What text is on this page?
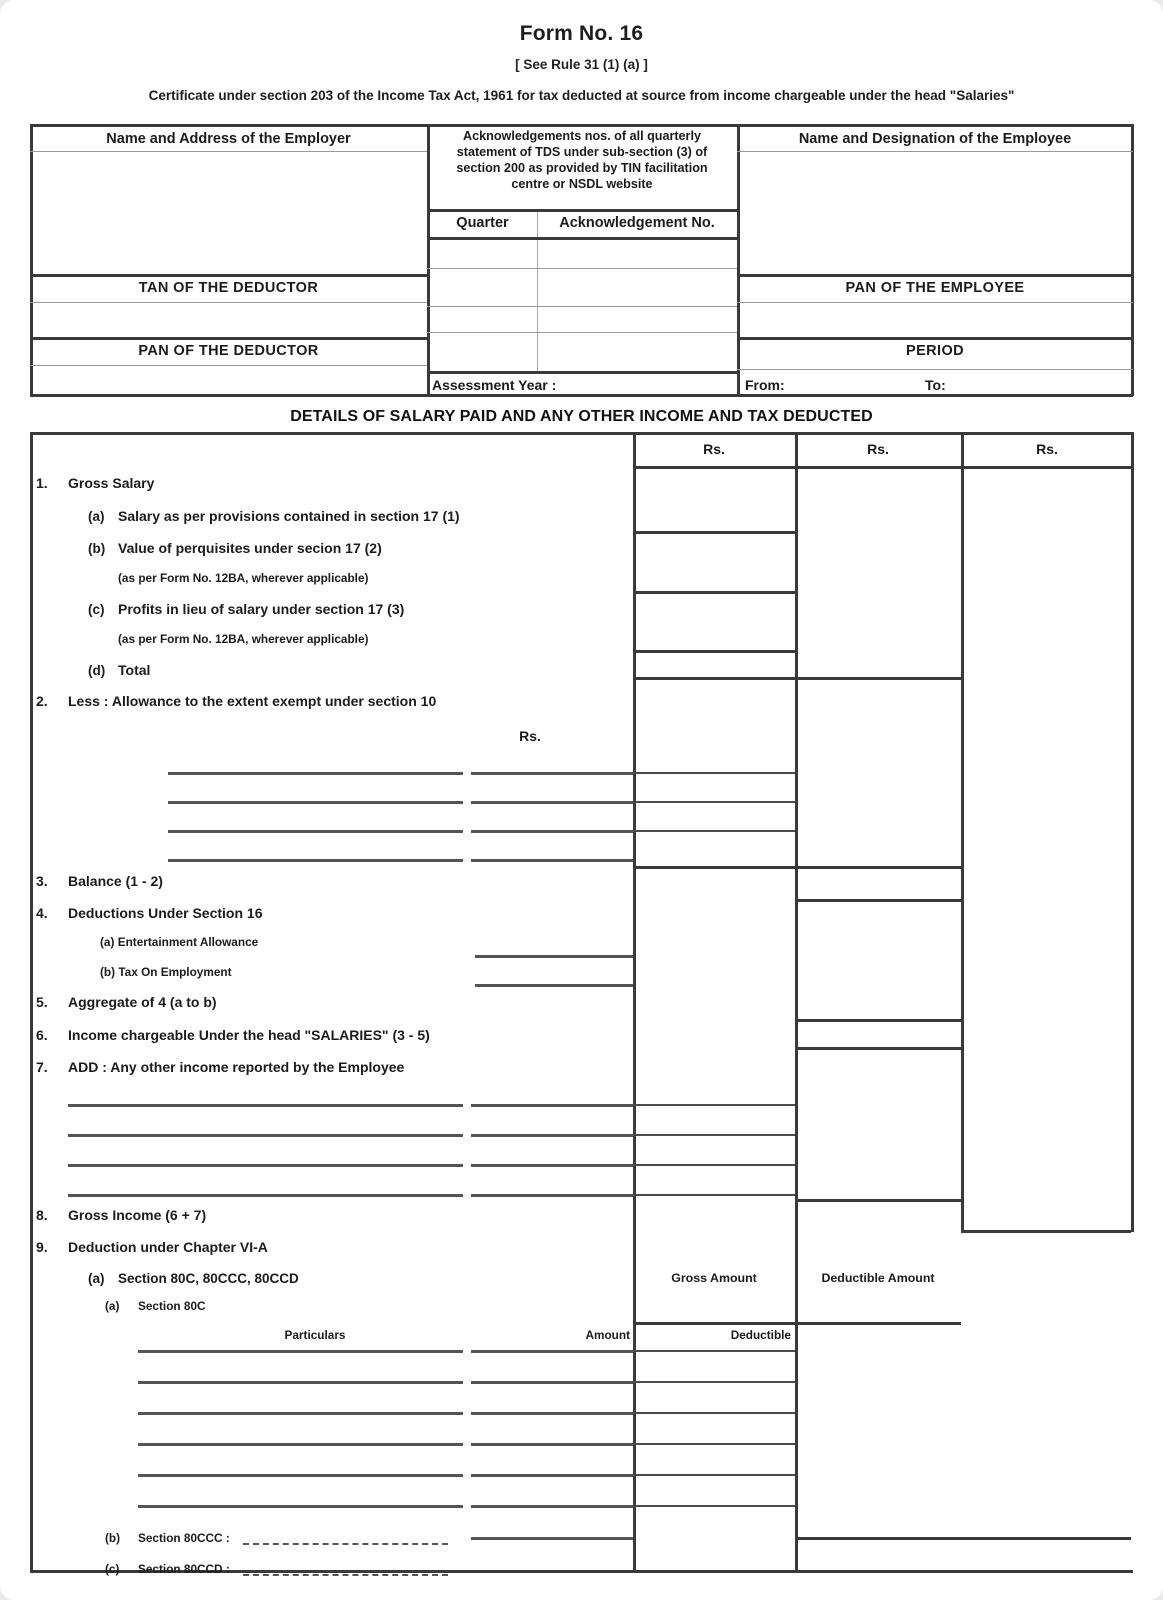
Form No. 16
[ See Rule 31 (1) (a) ]
Certificate under section 203 of the Income Tax Act, 1961 for tax deducted at source from income chargeable under the head "Salaries"
DETAILS OF SALARY PAID AND ANY OTHER INCOME AND TAX DEDUCTED
Name and Address of the Employer
TAN OF THE DEDUCTOR
PAN OF THE DEDUCTOR
Acknowledgements nos. of all quarterly
statement of TDS under sub-section (3) of
section 200 as provided by TIN facilitation
centre or NSDL website
Quarter	Acknowledgement No.
Assessment Year :
Name and Designation of the Employee
PAN OF THE EMPLOYEE
PERIOD
From:	To:
Rs.	Rs.	Rs.
1. Gross Salary
(a) Salary as per provisions contained in section 17 (1)
(b) Value of perquisites under secion 17 (2)
(as per Form No. 12BA, wherever applicable)
(c) Profits in lieu of salary under section 17 (3)
(as per Form No. 12BA, wherever applicable)
(d) Total
2. Less : Allowance to the extent exempt under section 10
Rs.
3. Balance (1 - 2)
4. Deductions Under Section 16
(a) Entertainment Allowance
(b) Tax On Employment
5. Aggregate of 4 (a to b)
6. Income chargeable Under the head "SALARIES" (3 - 5)
7. ADD : Any other income reported by the Employee
8. Gross Income (6 + 7)
9. Deduction under Chapter VI-A
(a) Section 80C, 80CCC, 80CCD	Gross Amount	Deductible Amount
(a) Section 80C
Particulars	Amount	Deductible
(b) Section 80CCC :
(c) Section 80CCD :
